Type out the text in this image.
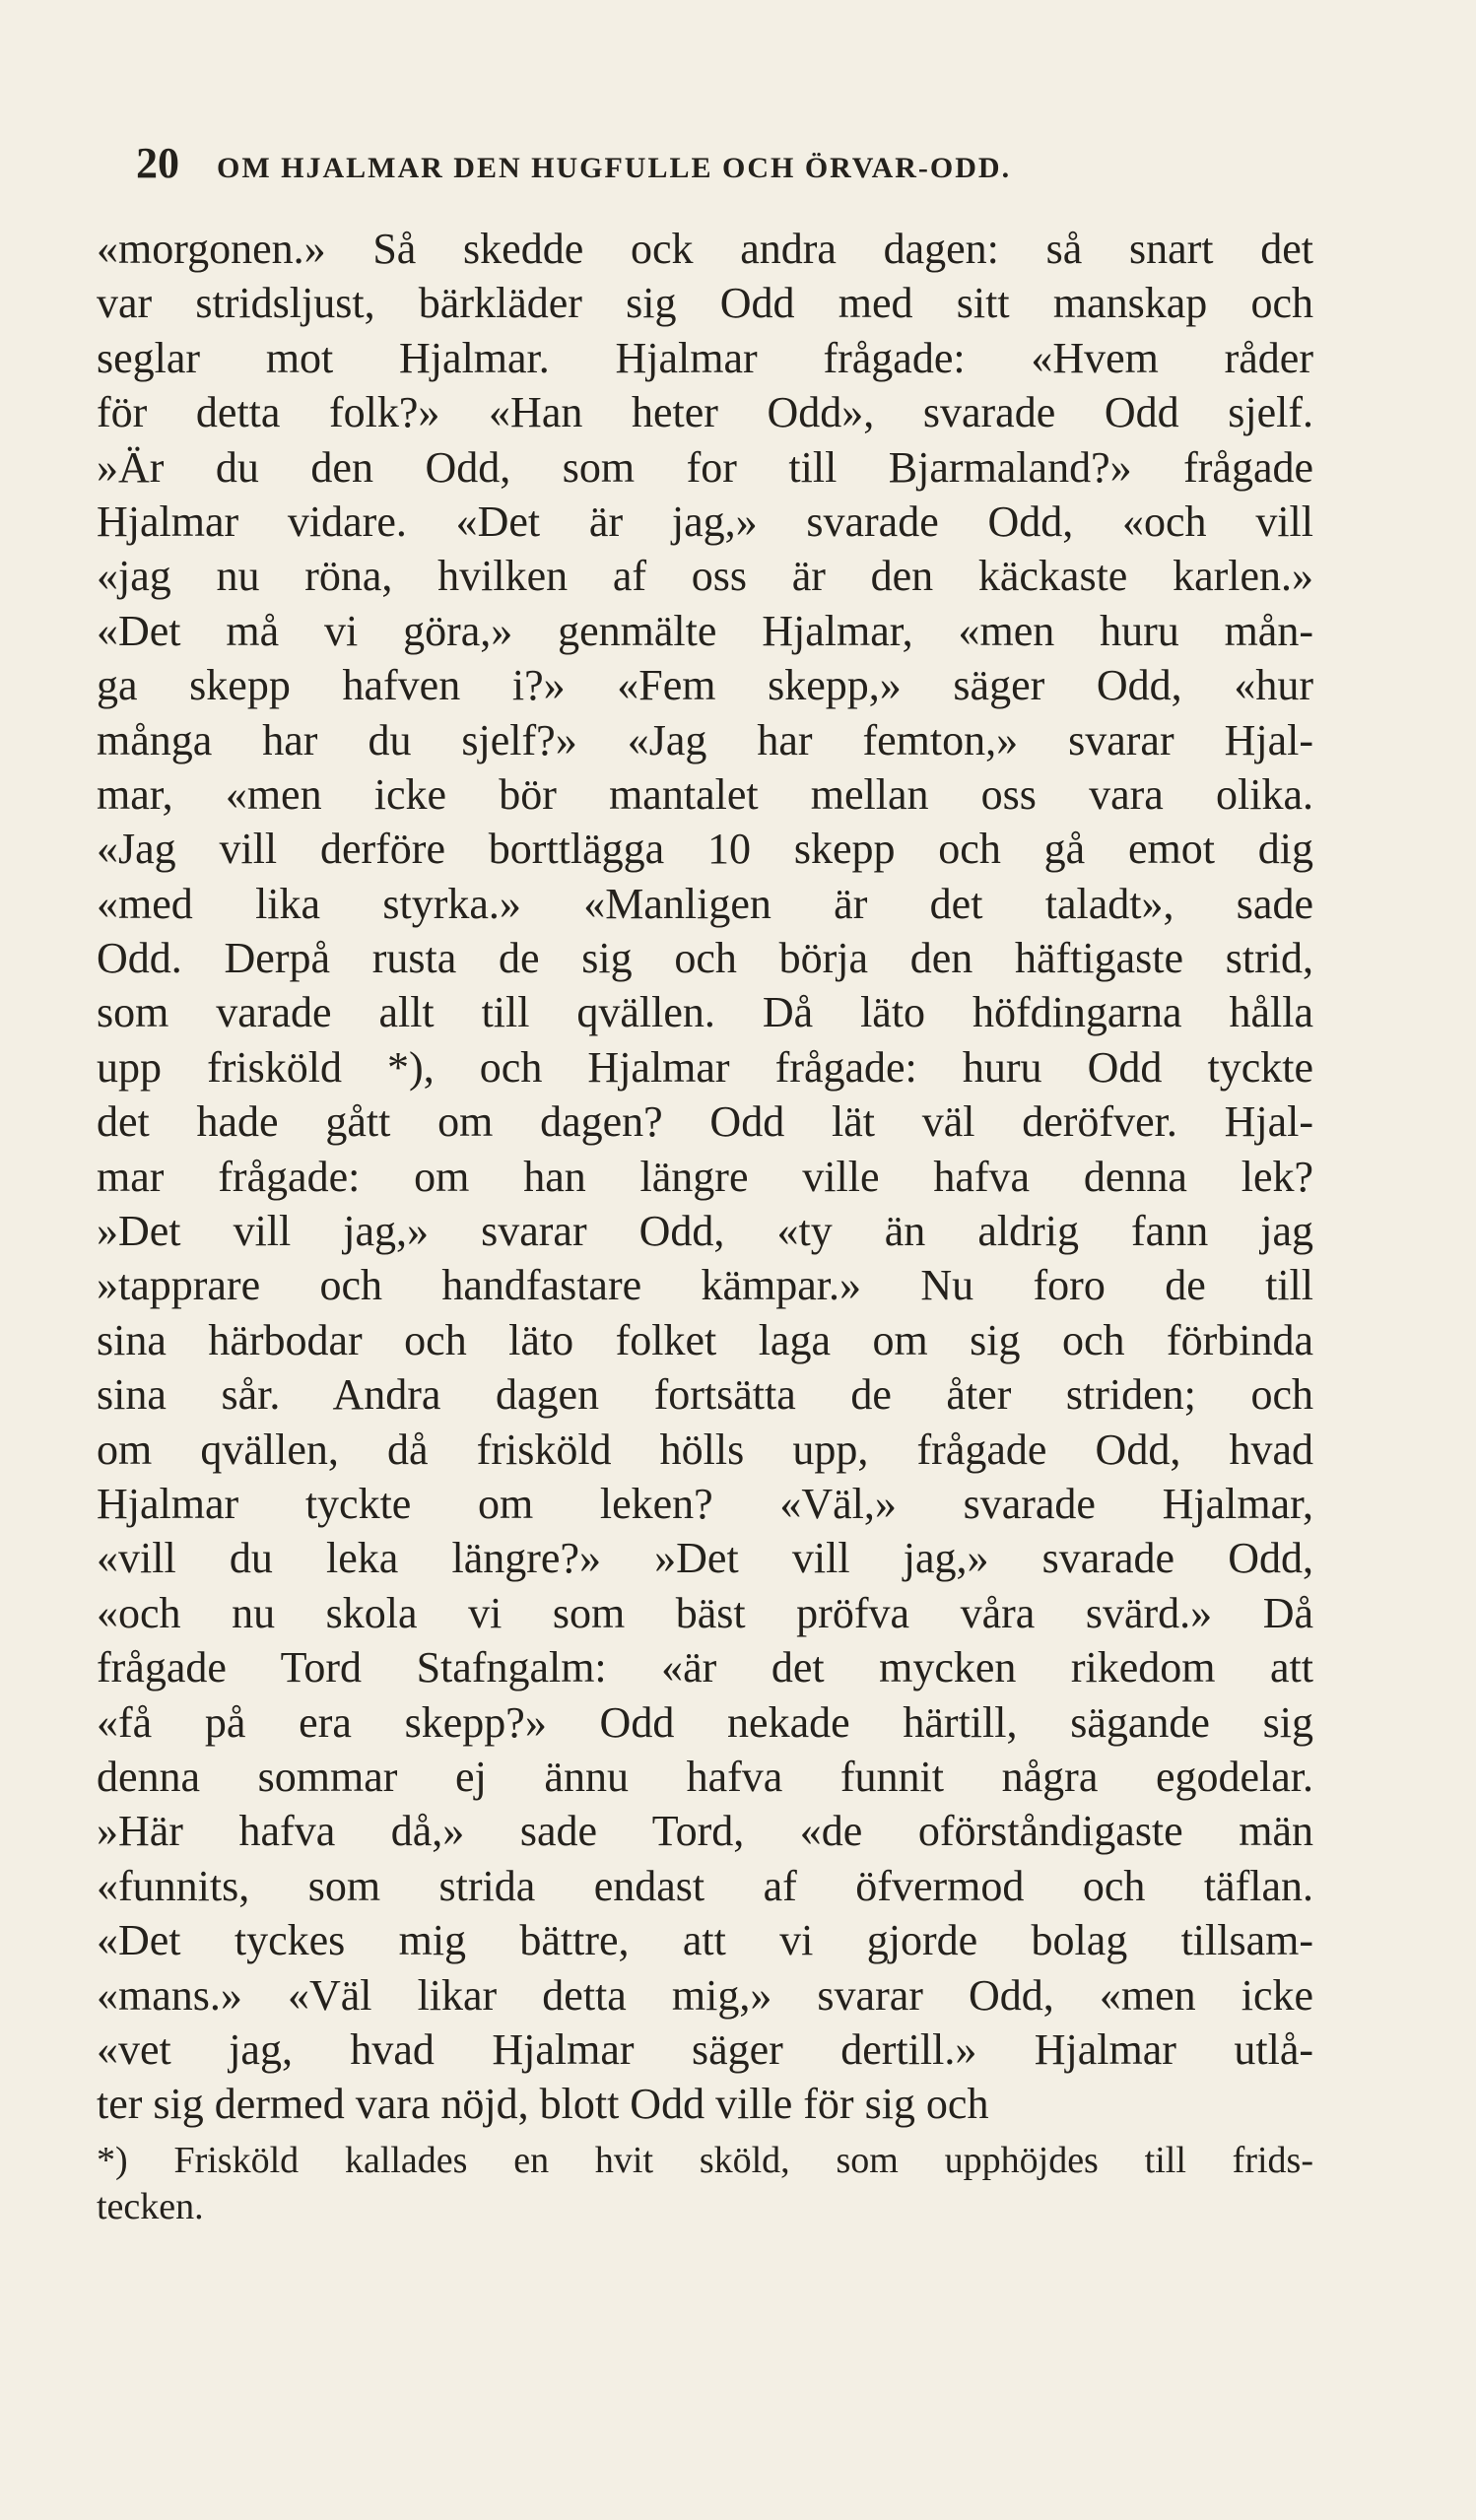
20 OM HJALMAR DEN HUGFULLE OCH ÖRVAR-ODD.
«morgonen.» Så skedde ock andra dagen: så snart det
var stridsljust, bärkläder sig Odd med sitt manskap och
seglar mot Hjalmar. Hjalmar frågade: «Hvem råder
för detta folk?» «Han heter Odd», svarade Odd sjelf.
»Är du den Odd, som for till Bjarmaland?» frågade
Hjalmar vidare. «Det är jag,» svarade Odd, «och vill
«jag nu röna, hvilken af oss är den käckaste karlen.»
«Det må vi göra,» genmälte Hjalmar, «men huru mån-
ga skepp hafven i?» «Fem skepp,» säger Odd, «hur
många har du sjelf?» «Jag har femton,» svarar Hjal-
mar, «men icke bör mantalet mellan oss vara olika.
«Jag vill derföre borttlägga 10 skepp och gå emot dig
«med lika styrka.» «Manligen är det taladt», sade
Odd. Derpå rusta de sig och börja den häftigaste strid,
som varade allt till qvällen. Då läto höfdingarna hålla
upp frisköld *), och Hjalmar frågade: huru Odd tyckte
det hade gått om dagen? Odd lät väl deröfver. Hjal-
mar frågade: om han längre ville hafva denna lek?
»Det vill jag,» svarar Odd, «ty än aldrig fann jag
»tapprare och handfastare kämpar.» Nu foro de till
sina härbodar och läto folket laga om sig och förbinda
sina sår. Andra dagen fortsätta de åter striden; och
om qvällen, då frisköld hölls upp, frågade Odd, hvad
Hjalmar tyckte om leken? «Väl,» svarade Hjalmar,
«vill du leka längre?» »Det vill jag,» svarade Odd,
«och nu skola vi som bäst pröfva våra svärd.» Då
frågade Tord Stafngalm: «är det mycken rikedom att
«få på era skepp?» Odd nekade härtill, sägande sig
denna sommar ej ännu hafva funnit några egodelar.
»Här hafva då,» sade Tord, «de oförståndigaste män
«funnits, som strida endast af öfvermod och täflan.
«Det tyckes mig bättre, att vi gjorde bolag tillsam-
«mans.» «Väl likar detta mig,» svarar Odd, «men icke
«vet jag, hvad Hjalmar säger dertill.» Hjalmar utlå-
ter sig dermed vara nöjd, blott Odd ville för sig och
*) Frisköld kallades en hvit sköld, som upphöjdes till frids-
tecken.
